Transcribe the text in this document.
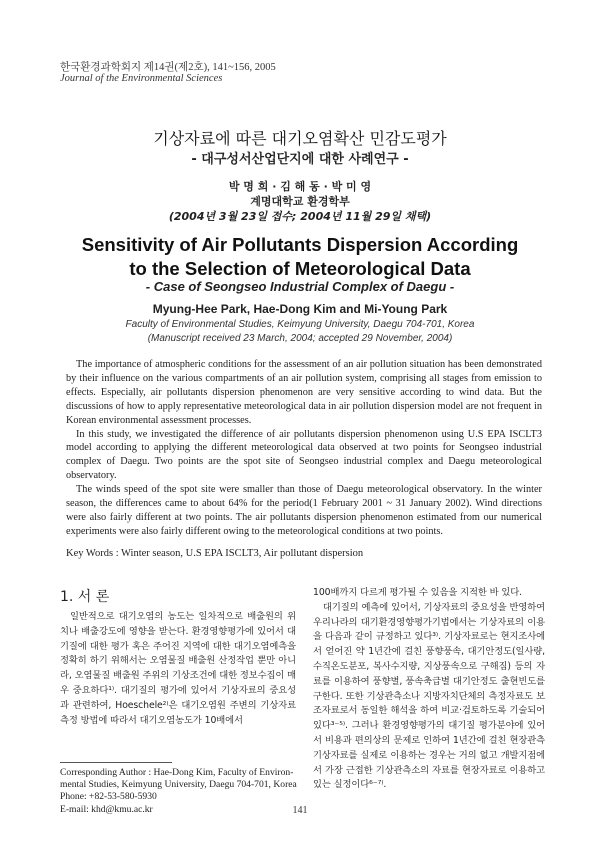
한국환경과학회지 제14권(제2호), 141~156, 2005
Journal of the Environmental Sciences
기상자료에 따른 대기오염확산 민감도평가
- 대구성서산업단지에 대한 사례연구 -
박 명 희 · 김 해 동 · 박 미 영
계명대학교 환경학부
(2004년 3월 23일 접수; 2004년 11월 29일 채택)
Sensitivity of Air Pollutants Dispersion According
to the Selection of Meteorological Data
- Case of Seongseo Industrial Complex of Daegu -
Myung-Hee Park, Hae-Dong Kim and Mi-Young Park
Faculty of Environmental Studies, Keimyung University, Daegu 704-701, Korea
(Manuscript received 23 March, 2004; accepted 29 November, 2004)

The importance of atmospheric conditions for the assessment of an air pollution situation has been demonstrated by their influence on the various compartments of an air pollution system, comprising all stages from emission to effects. Especially, air pollutants dispersion phenomenon are very sensitive according to wind data. But the discussions of how to apply representative meteorological data in air pollution dispersion model are not frequent in Korean environmental assessment processes.

In this study, we investigated the difference of air pollutants dispersion phenomenon using U.S EPA ISCLT3 model according to applying the different meteorological data observed at two points for Seongseo industrial complex of Daegu. Two points are the spot site of Seongseo industrial complex and Daegu meteorological observatory.

The winds speed of the spot site were smaller than those of Daegu meteorological observatory. In the winter season, the differences came to about 64% for the period(1 February 2001 ~ 31 January 2002). Wind directions were also fairly different at two points. The air pollutants dispersion phenomenon estimated from our numerical experiments were also fairly different owing to the meteorological conditions at two points.

Key Words : Winter season, U.S EPA ISCLT3, Air pollutant dispersion
1. 서 론

일반적으로 대기오염의 농도는 일차적으로 배출원의 위치나 배출강도에 영향을 받는다. 환경영향평가에 있어서 대기질에 대한 평가 혹은 주어진 지역에 대한 대기오염예측을 정확히 하기 위해서는 오염물질 배출원 산정작업 뿐만 아니라, 오염물질 배출원 주위의 기상조건에 대한 정보수집이 매우 중요하다¹⁾. 대기질의 평가에 있어서 기상자료의 중요성과 관련하여, Hoeschele²⁾은 대기오염원 주변의 기상자료 측정 방법에 따라서 대기오염농도가 10배에서

100배까지 다르게 평가될 수 있음을 지적한 바 있다.

대기질의 예측에 있어서, 기상자료의 중요성을 반영하여 우리나라의 대기환경영향평가기법에서는 기상자료의 이용을 다음과 같이 규정하고 있다³⁾. 기상자료로는 현지조사에서 얻어진 약 1년간에 걸친 풍향풍속, 대기안정도(일사량, 수직온도분포, 복사수지량, 지상풍속으로 구해짐) 등의 자료를 이용하여 풍향별, 풍속축급별 대기안정도 출현빈도를 구한다. 또한 기상관측소나 지방자치단체의 측정자료도 보조자료로서 동일한 해석을 하여 비교·검토하도록 기술되어 있다³⁻⁵⁾. 그러나 환경영향평가의 대기질 평가분야에 있어서 비용과 편의상의 문제로 인하여 1년간에 걸친 현장관측 기상자료를 실제로 이용하는 경우는 거의 없고 개발지점에서 가장 근접한 기상관측소의 자료를 현장자료로 이용하고 있는 실정이다⁶⁻⁷⁾.

Corresponding Author : Hae-Dong Kim, Faculty of Environ-
mental Studies, Keimyung University, Daegu 704-701, Korea
Phone: +82-53-580-5930
E-mail: khd@kmu.ac.kr	141
